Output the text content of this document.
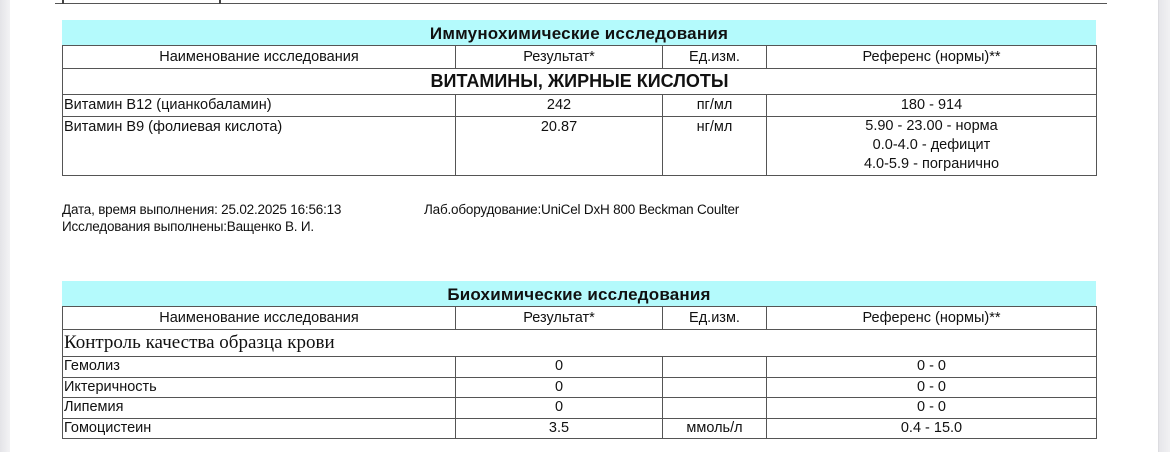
Иммунохимические исследования
Наименование исследования	Результат*	Ед.изм.	Референс (нормы)**
ВИТАМИНЫ, ЖИРНЫЕ КИСЛОТЫ			
Витамин B12 (цианкобаламин)	242	пг/мл	180 - 914
Витамин B9 (фолиевая кислота)	20.87	нг/мл	5.90 - 23.00 - норма
0.0-4.0 - дефицит
4.0-5.9 - погранично
Дата, время выполнения: 25.02.2025 16:56:13	Лаб.оборудование:UniCel DxH 800 Beckman Coulter
Исследования выполнены:Ващенко В. И.
Биохимические исследования
Наименование исследования	Результат*	Ед.изм.	Референс (нормы)**
Контроль качества образца крови			
Гемолиз	0		0 - 0
Иктеричность	0		0 - 0
Липемия	0		0 - 0
Гомоцистеин	3.5	ммоль/л	0.4 - 15.0
